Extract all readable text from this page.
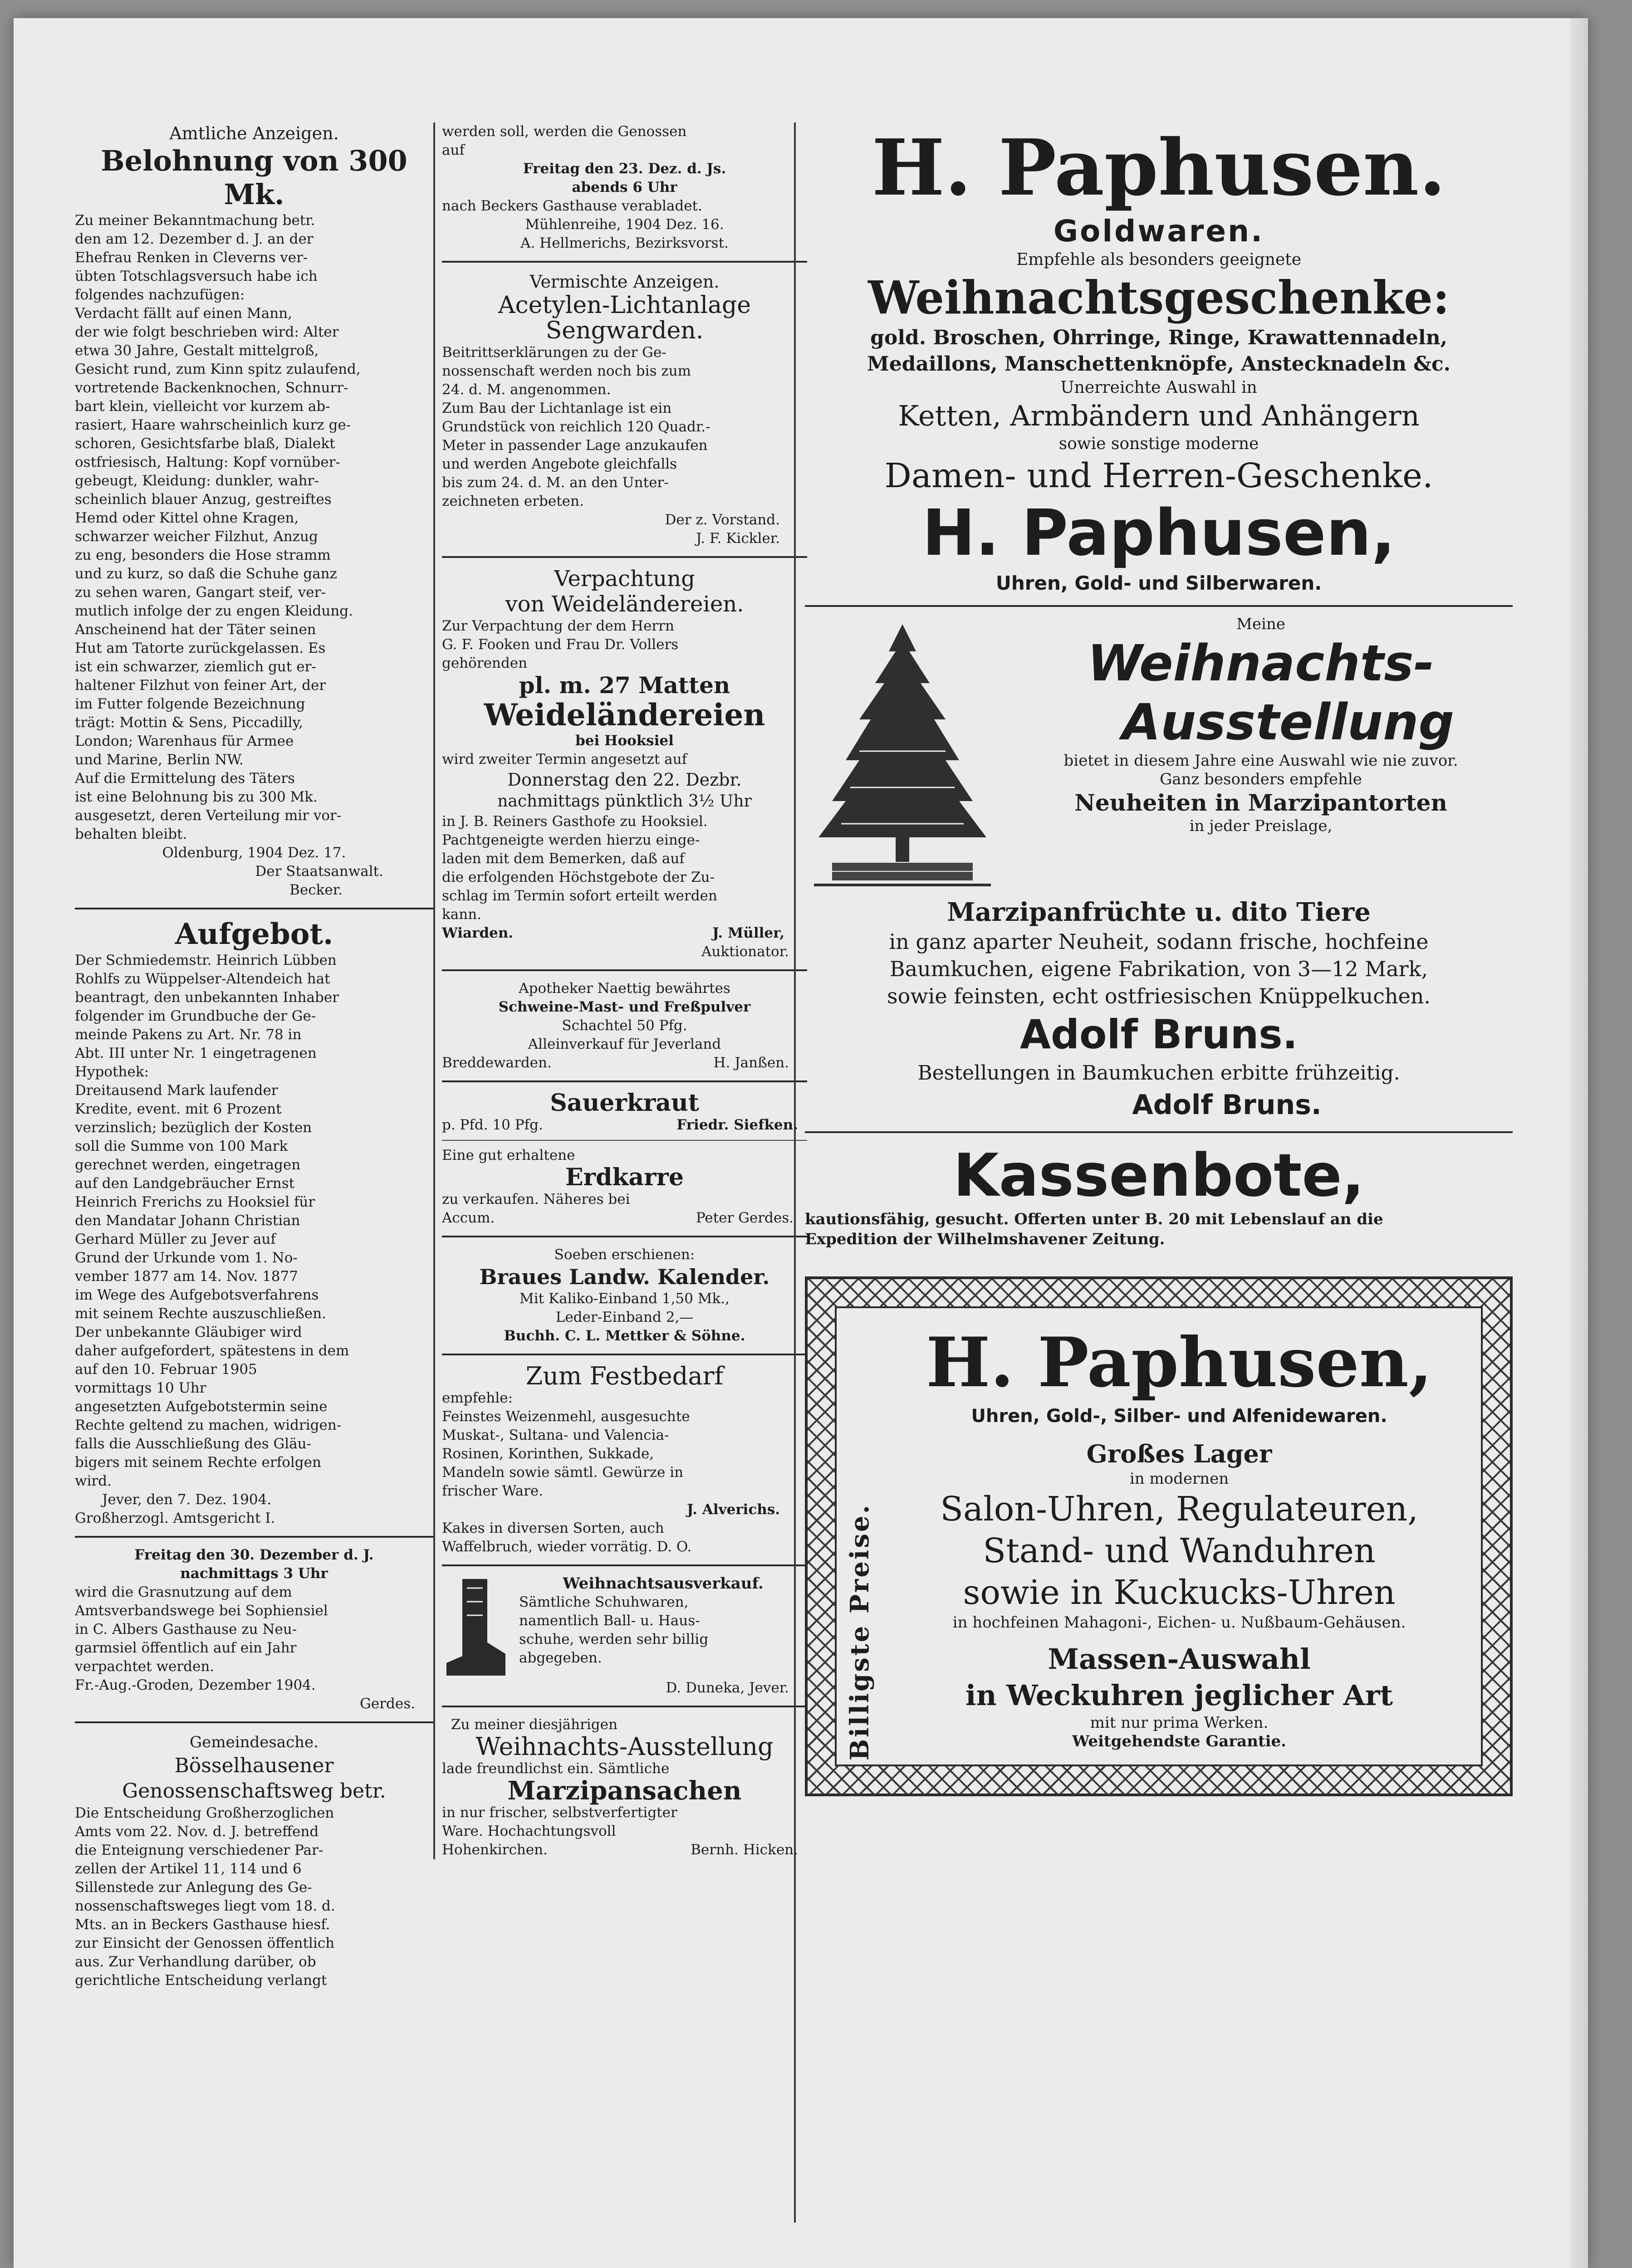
Amtliche Anzeigen.
Belohnung von 300 Mk.

Zu meiner Bekanntmachung betr.

den am 12. Dezember d. J. an der

Ehefrau Renken in Cleverns ver-

übten Totschlagsversuch habe ich

folgendes nachzufügen:

Verdacht fällt auf einen Mann,

der wie folgt beschrieben wird: Alter

etwa 30 Jahre, Gestalt mittelgroß,

Gesicht rund, zum Kinn spitz zulaufend,

vortretende Backenknochen, Schnurr-

bart klein, vielleicht vor kurzem ab-

rasiert, Haare wahrscheinlich kurz ge-

schoren, Gesichtsfarbe blaß, Dialekt

ostfriesisch, Haltung: Kopf vornüber-

gebeugt, Kleidung: dunkler, wahr-

scheinlich blauer Anzug, gestreiftes

Hemd oder Kittel ohne Kragen,

schwarzer weicher Filzhut, Anzug

zu eng, besonders die Hose stramm

und zu kurz, so daß die Schuhe ganz

zu sehen waren, Gangart steif, ver-

mutlich infolge der zu engen Kleidung.

Anscheinend hat der Täter seinen

Hut am Tatorte zurückgelassen. Es

ist ein schwarzer, ziemlich gut er-

haltener Filzhut von feiner Art, der

im Futter folgende Bezeichnung

trägt: Mottin & Sens, Piccadilly,

London; Warenhaus für Armee

und Marine, Berlin NW.

Auf die Ermittelung des Täters

ist eine Belohnung bis zu 300 Mk.

ausgesetzt, deren Verteilung mir vor-

behalten bleibt.

Oldenburg, 1904 Dez. 17.

Der Staatsanwalt.

Becker.

Aufgebot.

Der Schmiedemstr. Heinrich Lübben

Rohlfs zu Wüppelser-Altendeich hat

beantragt, den unbekannten Inhaber

folgender im Grundbuche der Ge-

meinde Pakens zu Art. Nr. 78 in

Abt. III unter Nr. 1 eingetragenen

Hypothek:

Dreitausend Mark laufender

Kredite, event. mit 6 Prozent

verzinslich; bezüglich der Kosten

soll die Summe von 100 Mark

gerechnet werden, eingetragen

auf den Landgebräucher Ernst

Heinrich Frerichs zu Hooksiel für

den Mandatar Johann Christian

Gerhard Müller zu Jever auf

Grund der Urkunde vom 1. No-

vember 1877 am 14. Nov. 1877

im Wege des Aufgebotsverfahrens

mit seinem Rechte auszuschließen.

Der unbekannte Gläubiger wird

daher aufgefordert, spätestens in dem

auf den 10. Februar 1905

vormittags 10 Uhr

angesetzten Aufgebotstermin seine

Rechte geltend zu machen, widrigen-

falls die Ausschließung des Gläu-

bigers mit seinem Rechte erfolgen

wird.

Jever, den 7. Dez. 1904.

Großherzogl. Amtsgericht I.

Freitag den 30. Dezember d. J.

nachmittags 3 Uhr

wird die Grasnutzung auf dem

Amtsverbandswege bei Sophiensiel

in C. Albers Gasthause zu Neu-

garmsiel öffentlich auf ein Jahr

verpachtet werden.

Fr.-Aug.-Groden, Dezember 1904.

Gerdes.

Gemeindesache.
Bösselhausener
Genossenschaftsweg betr.

Die Entscheidung Großherzoglichen

Amts vom 22. Nov. d. J. betreffend

die Enteignung verschiedener Par-

zellen der Artikel 11, 114 und 6

Sillenstede zur Anlegung des Ge-

nossenschaftsweges liegt vom 18. d.

Mts. an in Beckers Gasthause hiesf.

zur Einsicht der Genossen öffentlich

aus. Zur Verhandlung darüber, ob

gerichtliche Entscheidung verlangt

werden soll, werden die Genossen

auf

Freitag den 23. Dez. d. Js.

abends 6 Uhr

nach Beckers Gasthause verabladet.

Mühlenreihe, 1904 Dez. 16.

A. Hellmerichs, Bezirksvorst.

Vermischte Anzeigen.
Acetylen-Lichtanlage
Sengwarden.

Beitrittserklärungen zu der Ge-

nossenschaft werden noch bis zum

24. d. M. angenommen.

Zum Bau der Lichtanlage ist ein

Grundstück von reichlich 120 Quadr.-

Meter in passender Lage anzukaufen

und werden Angebote gleichfalls

bis zum 24. d. M. an den Unter-

zeichneten erbeten.

Der z. Vorstand.

J. F. Kickler.

Verpachtung
von Weideländereien.

Zur Verpachtung der dem Herrn

G. F. Fooken und Frau Dr. Vollers

gehörenden

pl. m. 27 Matten
Weideländereien

bei Hooksiel

wird zweiter Termin angesetzt auf

Donnerstag den 22. Dezbr.

nachmittags pünktlich 3½ Uhr

in J. B. Reiners Gasthofe zu Hooksiel.

Pachtgeneigte werden hierzu einge-

laden mit dem Bemerken, daß auf

die erfolgenden Höchstgebote der Zu-

schlag im Termin sofort erteilt werden

kann.

Wiarden.	J. Müller,

Auktionator.

Apotheker Naettig bewährtes

Schweine-Mast- und Freßpulver

Schachtel 50 Pfg.

Alleinverkauf für Jeverland

Breddewarden.	H. Janßen.
Sauerkraut
p. Pfd. 10 Pfg.	Friedr. Siefken.

Eine gut erhaltene

Erdkarre

zu verkaufen. Näheres bei

Accum.	Peter Gerdes.

Soeben erschienen:

Braues Landw. Kalender.

Mit Kaliko-Einband 1,50 Mk.,

Leder-Einband 2,—

Buchh. C. L. Mettker & Söhne.

Zum Festbedarf

empfehle:

Feinstes Weizenmehl, ausgesuchte

Muskat-, Sultana- und Valencia-

Rosinen, Korinthen, Sukkade,

Mandeln sowie sämtl. Gewürze in

frischer Ware.

J. Alverichs.

Kakes in diversen Sorten, auch

Waffelbruch, wieder vorrätig. D. O.

Weihnachtsausverkauf.

Sämtliche Schuhwaren,

namentlich Ball- u. Haus-

schuhe, werden sehr billig

abgegeben.

D. Duneka, Jever.

Zu meiner diesjährigen

Weihnachts-Ausstellung

lade freundlichst ein. Sämtliche

Marzipansachen

in nur frischer, selbstverfertigter

Ware. Hochachtungsvoll

Hohenkirchen.	Bernh. Hicken.
H. Paphusen.
Goldwaren.

Empfehle als besonders geeignete

Weihnachtsgeschenke:

gold. Broschen, Ohrringe, Ringe, Krawattennadeln,

Medaillons, Manschettenknöpfe, Anstecknadeln &c.

Unerreichte Auswahl in

Ketten, Armbändern und Anhängern

sowie sonstige moderne

Damen- und Herren-Geschenke.
H. Paphusen,
Uhren, Gold- und Silberwaren.

Meine

Weihnachts-
Ausstellung

bietet in diesem Jahre eine Auswahl wie nie zuvor.

Ganz besonders empfehle

Neuheiten in Marzipantorten

in jeder Preislage,

Marzipanfrüchte u. dito Tiere

in ganz aparter Neuheit, sodann frische, hochfeine

Baumkuchen, eigene Fabrikation, von 3—12 Mark,

sowie feinsten, echt ostfriesischen Knüppelkuchen.

Adolf Bruns.

Bestellungen in Baumkuchen erbitte frühzeitig.

Adolf Bruns.
Kassenbote,

kautionsfähig, gesucht. Offerten unter B. 20 mit Lebenslauf an die

Expedition der Wilhelmshavener Zeitung.

Billigste Preise.
H. Paphusen,

Uhren, Gold-, Silber- und Alfenidewaren.

Großes Lager

in modernen

Salon-Uhren, Regulateuren,
Stand- und Wanduhren
sowie in Kuckucks-Uhren

in hochfeinen Mahagoni-, Eichen- u. Nußbaum-Gehäusen.

Massen-Auswahl

in Weckuhren jeglicher Art

mit nur prima Werken.

Weitgehendste Garantie.
